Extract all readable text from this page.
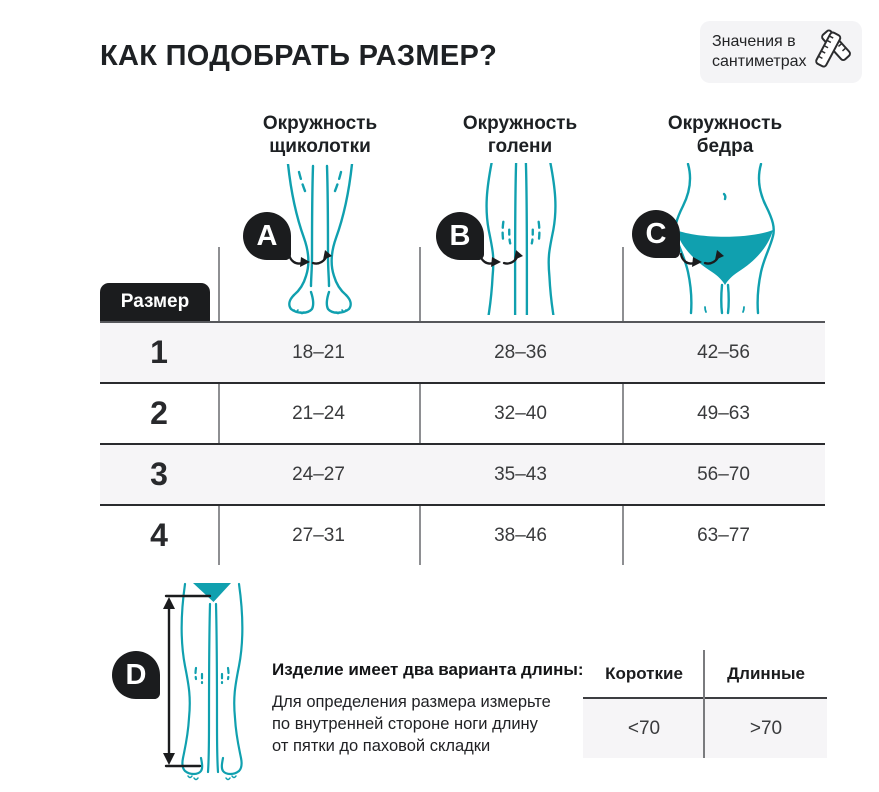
КАК ПОДОБРАТЬ РАЗМЕР?	Значения в
сантиметрах
Окружность
щиколотки
Окружность
голени
Окружность
бедра
A	B	C
Размер
1	18–21	28–36	42–56
2	21–24	32–40	49–63
3	24–27	35–43	56–70
4	27–31	38–46	63–77
D	Изделие имеет два варианта длины:
Для определения размера измерьте
по внутренней стороне ноги длину
от пятки до паховой складки
Короткие	Длинные
<70	>70
